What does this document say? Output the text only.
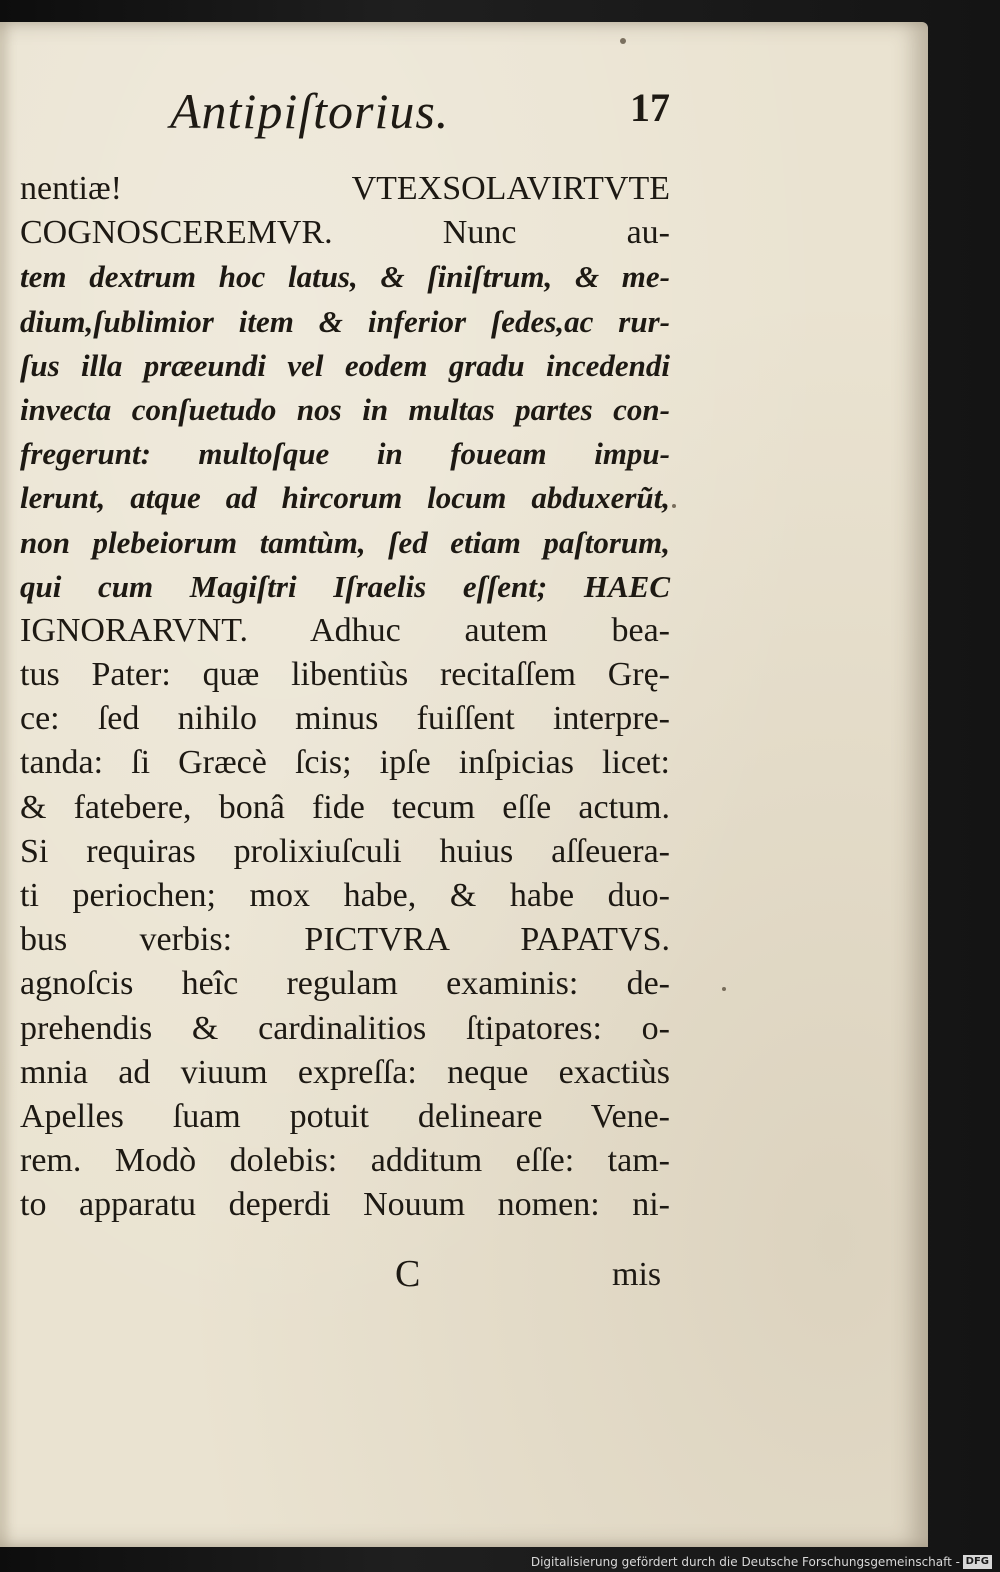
Antipiſtorius.	17
nentiæ! VTEXSOLAVIRTVTE
COGNOSCEREMVR. Nunc au-
tem dextrum hoc latus, & ſiniſtrum, & me-
dium,ſublimior item & inferior ſedes,ac rur-
ſus illa præeundi vel eodem gradu incedendi
invecta conſuetudo nos in multas partes con-
fregerunt: multoſque in foueam impu-
lerunt, atque ad hircorum locum abduxerũt,
non plebeiorum tamtùm, ſed etiam paſtorum,
qui cum Magiſtri Iſraelis eſſent; HAEC
IGNORARVNT. Adhuc autem bea-
tus Pater: quæ libentiùs recitaſſem Grę-
ce: ſed nihilo minus fuiſſent interpre-
tanda: ſi Græcè ſcis; ipſe inſpicias licet:
& fatebere, bonâ fide tecum eſſe actum.
Si requiras prolixiuſculi huius aſſeuera-
ti periochen; mox habe, & habe duo-
bus verbis: PICTVRA PAPATVS.
agnoſcis heîc regulam examinis: de-
prehendis & cardinalitios ſtipatores: o-
mnia ad viuum expreſſa: neque exactiùs
Apelles ſuam potuit delineare Vene-
rem. Modò dolebis: additum eſſe: tam-
to apparatu deperdi Nouum nomen: ni-
C	mis
Digitalisierung gefördert durch die Deutsche Forschungsgemeinschaft - DFG
